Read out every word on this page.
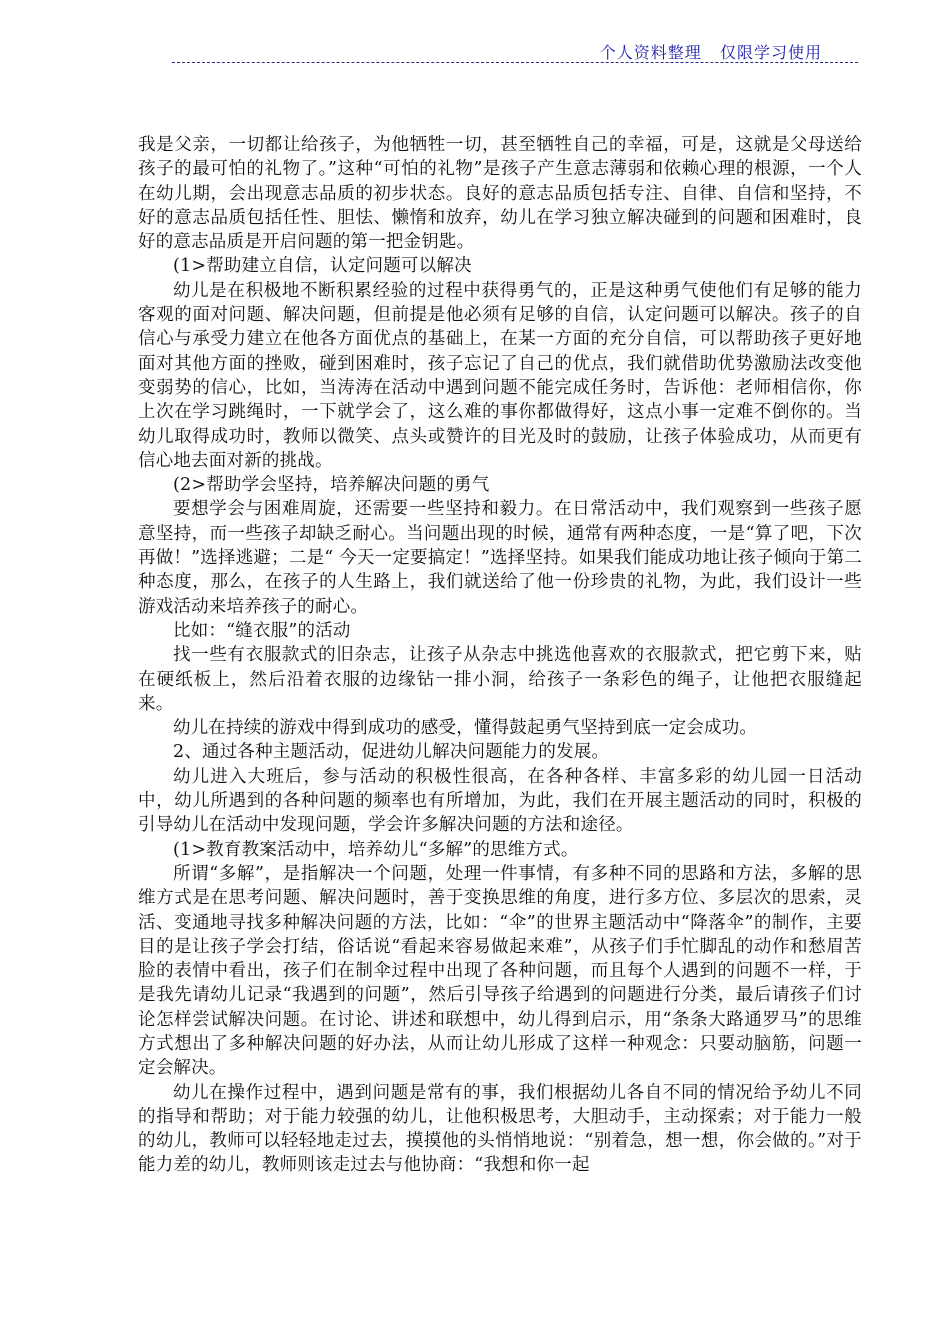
个人资料整理   仅限学习使用

我是父亲，一切都让给孩子，为他牺牲一切，甚至牺牲自己的幸福，可是，这就是父母送给孩子的最可怕的礼物了。”这种“可怕的礼物”是孩子产生意志薄弱和依赖心理的根源，一个人在幼儿期，会出现意志品质的初步状态。良好的意志品质包括专注、自律、自信和坚持，不好的意志品质包括任性、胆怯、懒惰和放弃，幼儿在学习独立解决碰到的问题和困难时，良好的意志品质是开启问题的第一把金钥匙。

(1>帮助建立自信，认定问题可以解决

幼儿是在积极地不断积累经验的过程中获得勇气的，正是这种勇气使他们有足够的能力客观的面对问题、解决问题，但前提是他必须有足够的自信，认定问题可以解决。孩子的自信心与承受力建立在他各方面优点的基础上，在某一方面的充分自信，可以帮助孩子更好地面对其他方面的挫败，碰到困难时，孩子忘记了自己的优点，我们就借助优势激励法改变他变弱势的信心，比如，当涛涛在活动中遇到问题不能完成任务时，告诉他：老师相信你，你上次在学习跳绳时，一下就学会了，这么难的事你都做得好，这点小事一定难不倒你的。当幼儿取得成功时，教师以微笑、点头或赞许的目光及时的鼓励，让孩子体验成功，从而更有信心地去面对新的挑战。

(2>帮助学会坚持，培养解决问题的勇气

要想学会与困难周旋，还需要一些坚持和毅力。在日常活动中，我们观察到一些孩子愿意坚持，而一些孩子却缺乏耐心。当问题出现的时候，通常有两种态度，一是“算了吧，下次再做！”选择逃避；二是“ 今天一定要搞定！”选择坚持。如果我们能成功地让孩子倾向于第二种态度，那么，在孩子的人生路上，我们就送给了他一份珍贵的礼物，为此，我们设计一些游戏活动来培养孩子的耐心。

比如：“缝衣服”的活动

找一些有衣服款式的旧杂志，让孩子从杂志中挑选他喜欢的衣服款式，把它剪下来，贴在硬纸板上，然后沿着衣服的边缘钻一排小洞，给孩子一条彩色的绳子，让他把衣服缝起来。

幼儿在持续的游戏中得到成功的感受，懂得鼓起勇气坚持到底一定会成功。

2、通过各种主题活动，促进幼儿解决问题能力的发展。

幼儿进入大班后，参与活动的积极性很高，在各种各样、丰富多彩的幼儿园一日活动中，幼儿所遇到的各种问题的频率也有所增加，为此，我们在开展主题活动的同时，积极的引导幼儿在活动中发现问题，学会许多解决问题的方法和途径。

(1>教育教案活动中，培养幼儿“多解”的思维方式。

所谓“多解”，是指解决一个问题，处理一件事情，有多种不同的思路和方法，多解的思维方式是在思考问题、解决问题时，善于变换思维的角度，进行多方位、多层次的思索，灵活、变通地寻找多种解决问题的方法，比如：“伞”的世界主题活动中“降落伞”的制作，主要目的是让孩子学会打结，俗话说“看起来容易做起来难”，从孩子们手忙脚乱的动作和愁眉苦脸的表情中看出，孩子们在制伞过程中出现了各种问题，而且每个人遇到的问题不一样，于是我先请幼儿记录“我遇到的问题”，然后引导孩子给遇到的问题进行分类，最后请孩子们讨论怎样尝试解决问题。在讨论、讲述和联想中，幼儿得到启示，用“条条大路通罗马”的思维方式想出了多种解决问题的好办法，从而让幼儿形成了这样一种观念：只要动脑筋，问题一定会解决。

幼儿在操作过程中，遇到问题是常有的事，我们根据幼儿各自不同的情况给予幼儿不同的指导和帮助；对于能力较强的幼儿，让他积极思考，大胆动手，主动探索；对于能力一般的幼儿，教师可以轻轻地走过去，摸摸他的头悄悄地说：“别着急，想一想，你会做的。”对于能力差的幼儿，教师则该走过去与他协商：“我想和你一起
